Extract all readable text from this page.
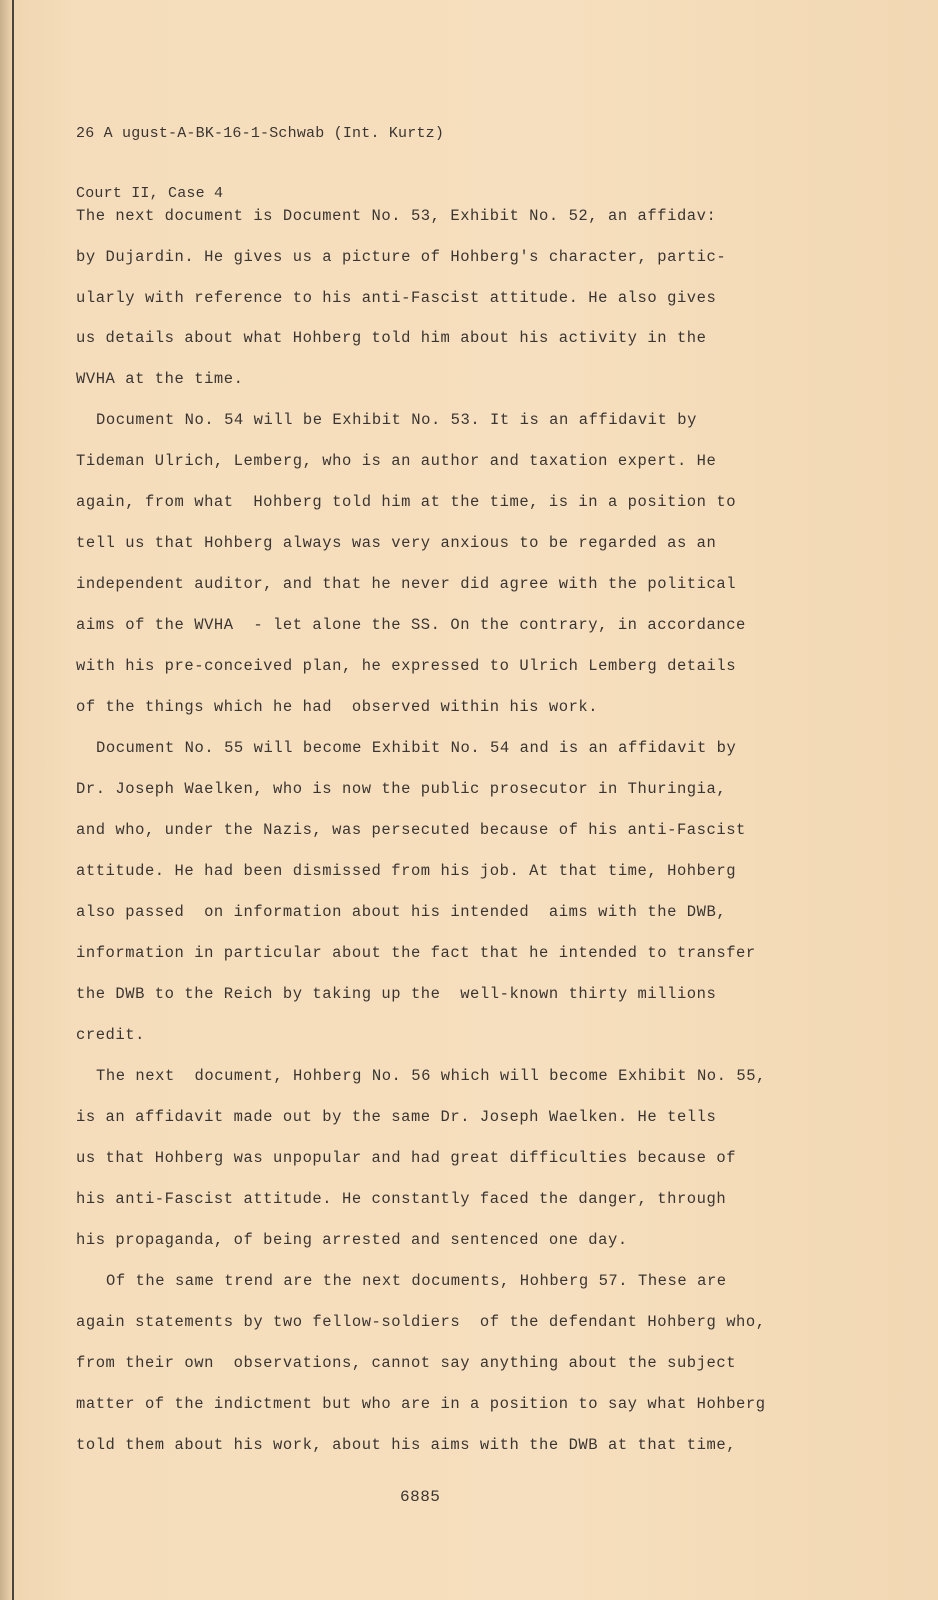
26 A ugust-A-BK-16-1-Schwab (Int. Kurtz)

Court II, Case 4

The next document is Document No. 53, Exhibit No. 52, an affidav:
by Dujardin. He gives us a picture of Hohberg's character, partic-
ularly with reference to his anti-Fascist attitude. He also gives
us details about what Hohberg told him about his activity in the
WVHA at the time.
Document No. 54 will be Exhibit No. 53. It is an affidavit by
Tideman Ulrich, Lemberg, who is an author and taxation expert. He
again, from what  Hohberg told him at the time, is in a position to
tell us that Hohberg always was very anxious to be regarded as an
independent auditor, and that he never did agree with the political
aims of the WVHA  - let alone the SS. On the contrary, in accordance
with his pre-conceived plan, he expressed to Ulrich Lemberg details
of the things which he had  observed within his work.
Document No. 55 will become Exhibit No. 54 and is an affidavit by
Dr. Joseph Waelken, who is now the public prosecutor in Thuringia,
and who, under the Nazis, was persecuted because of his anti-Fascist
attitude. He had been dismissed from his job. At that time, Hohberg
also passed  on information about his intended  aims with the DWB,
information in particular about the fact that he intended to transfer
the DWB to the Reich by taking up the  well-known thirty millions
credit.
The next  document, Hohberg No. 56 which will become Exhibit No. 55,
is an affidavit made out by the same Dr. Joseph Waelken. He tells
us that Hohberg was unpopular and had great difficulties because of
his anti-Fascist attitude. He constantly faced the danger, through
his propaganda, of being arrested and sentenced one day.
Of the same trend are the next documents, Hohberg 57. These are
again statements by two fellow-soldiers  of the defendant Hohberg who,
from their own  observations, cannot say anything about the subject
matter of the indictment but who are in a position to say what Hohberg
told them about his work, about his aims with the DWB at that time,
6885
